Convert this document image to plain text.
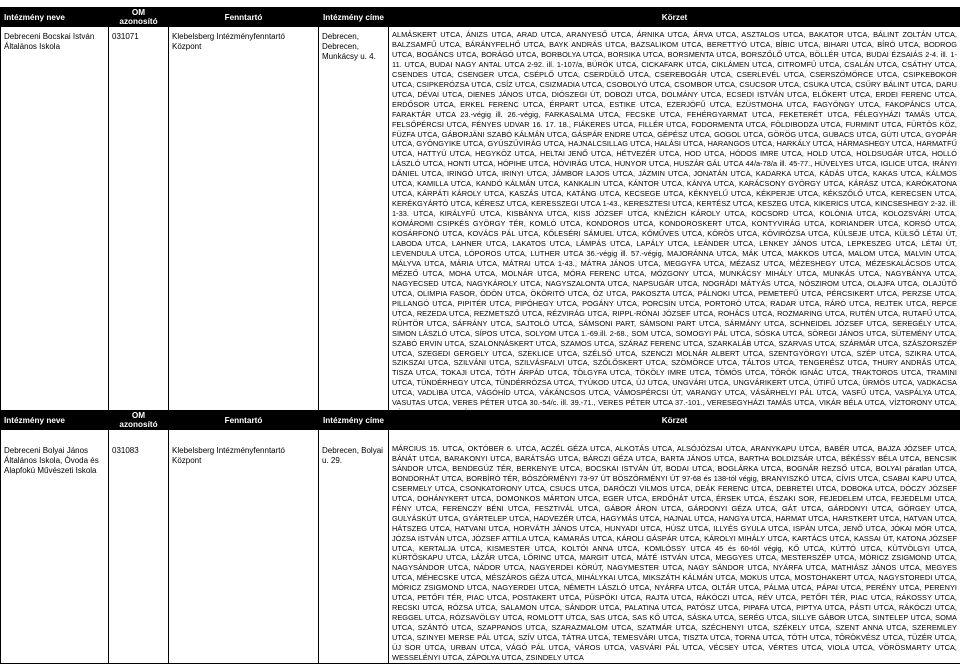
Intézmény neve	OM azonosító	Fenntartó	Intézmény címe	Körzet
Debreceni Bocskai István Általános Iskola	031071	Klebelsberg Intézményfenntartó Központ	Debrecen, Debrecen, Munkácsy u. 4.	ALMÁSKERT UTCA, ÁNIZS UTCA, ARAD UTCA, ARANYESŐ UTCA, ÁRNIKA UTCA, ÁRVA UTCA, ASZTALOS UTCA, BAKATOR UTCA, BÁLINT ZOLTÁN UTCA, BALZSAMFŰ UTCA, BÁRÁNYFELHŐ UTCA, BAYK ANDRÁS UTCA, BAZSALIKOM UTCA, BERETTYÓ UTCA, BÍBIC UTCA, BIHARI UTCA, BÍRÓ UTCA, BODROG UTCA, BOGÁNCS UTCA, BORÁGÓ UTCA, BORBOLYA UTCA, BORSIKA UTCA, BORSMENTA UTCA, BORSZŐLŐ UTCA, BÖLLÉR UTCA, BUDAI ÉZSAIÁS 2-4. ill. 1-11. UTCA, BUDAI NAGY ANTAL UTCA 2-92. ill. 1-107/a, BÜRÖK UTCA, CICKAFARK UTCA, CIKLÁMEN UTCA, CITROMFŰ UTCA, CSALÁN UTCA, CSÁTHY UTCA, CSENDES UTCA, CSENGER UTCA, CSÉPLŐ UTCA, CSERDÜLŐ UTCA, CSEREBOGÁR UTCA, CSERLEVÉL UTCA, CSERSZÖMÖRCE UTCA, CSIPKEBOKOR UTCA, CSIPKERÓZSA UTCA, CSÍZ UTCA, CSIZMADIA UTCA, CSOBOLYÓ UTCA, CSOMBOR UTCA, CSUCSOR UTCA, CSUKA UTCA, CSŰRY BÁLINT UTCA, DARU UTCA, DÉVAI UTCA, DIENES JÁNOS UTCA, DIÓSZEGI ÚT, DOBOZI UTCA, DOLMÁNY UTCA, ECSEDI ISTVÁN UTCA, ELŐKERT UTCA, ERDEI FERENC UTCA, ERDŐSOR UTCA, ERKEL FERENC UTCA, ÉRPART UTCA, ESTIKE UTCA, EZERJÓFŰ UTCA, EZÜSTMOHA UTCA, FAGYÖNGY UTCA, FAKOPÁNCS UTCA, FARAKTÁR UTCA 23.-végig ill. 26.-végig, FARKASALMA UTCA, FECSKE UTCA, FEHÉRGYARMAT UTCA, FEKETERÉT UTCA, FÉLEGYHÁZI TAMÁS UTCA, FELSŐPÉRCSI UTCA, FÉNYES UDVAR 16. 17. 18., FIÁKERES UTCA, FILLÉR UTCA, FODORMENTA UTCA, FÖLDIBODZA UTCA, FURMINT UTCA, FÜRTÖS KÖZ, FÜZFA UTCA, GÁBORJÁNI SZABÓ KÁLMÁN UTCA, GÁSPÁR ENDRE UTCA, GÉPÉSZ UTCA, GOGOL UTCA, GÖRÖG UTCA, GUBACS UTCA, GÚTI UTCA, GYOPÁR UTCA, GYÖNGYIKE UTCA, GYÚSZŰVIRÁG UTCA, HAJNALCSILLAG UTCA, HALÁSI UTCA, HARANGOS UTCA, HARKÁLY UTCA, HÁRMASHEGY UTCA, HARMATFŰ UTCA, HATTYÚ UTCA, HEGYKÖZ UTCA, HELTAI JENŐ UTCA, HÉTVEZÉR UTCA, HOD UTCA, HÓDOS IMRE UTCA, HOLD UTCA, HOLDSUGÁR UTCA, HOLLÓ LÁSZLÓ UTCA, HONTI UTCA, HÓPIHE UTCA, HÓVIRÁG UTCA, HUNYOR UTCA, HUSZÁR GÁL UTCA 44/a-78/a ill. 45-77., HÜVELYES UTCA, IGLICE UTCA, IRÁNYI DÁNIEL UTCA, IRINGÓ UTCA, IRINYI UTCA, JÁMBOR LAJOS UTCA, JÁZMIN UTCA, JONATÁN UTCA, KADARKA UTCA, KÁDÁS UTCA, KAKAS UTCA, KÁLMOS UTCA, KAMILLA UTCA, KANDÓ KÁLMÁN UTCA, KANKALIN UTCA, KÁNTOR UTCA, KÁNYA UTCA, KARÁCSONY GYÖRGY UTCA, KÁRÁSZ UTCA, KARÓKATONA UTCA, KÁRPÁTI KÁROLY UTCA, KASZÁS UTCA, KATÁNG UTCA, KECSEGE UTCA, KÉKNYELŰ UTCA, KÉKPERJE UTCA, KÉKSZŐLŐ UTCA, KERECSEN UTCA, KERÉKGYÁRTÓ UTCA, KÉRESZ UTCA, KERESSZEGI UTCA 1-43., KERESZTESI UTCA, KERTÉSZ UTCA, KESZEG UTCA, KIKERICS UTCA, KINCSESHEGY 2-32. ill. 1-33. UTCA, KIRÁLYFŰ UTCA, KISBÁNYA UTCA, KISS JÓZSEF UTCA, KNÉZICH KÁROLY UTCA, KOCSORD UTCA, KOLÓNIA UTCA, KOLOZSVÁRI UTCA, KOMÁROMI CSIPKÉS GYÖRGY TÉR, KOMLÓ UTCA, KONDOROS UTCA, KONDOROSKERT UTCA, KONTYVIRÁG UTCA, KORIANDER UTCA, KORSÓ UTCA, KOSÁRFONÓ UTCA, KOVÁCS PÁL UTCA, KŐLESÉRI SÁMUEL UTCA, KŐMŰVES UTCA, KÖRÖS UTCA, KÖVIRÓZSA UTCA, KÜLSEJE UTCA, KÜLSŐ LÉTAI ÚT, LABODA UTCA, LAHNER UTCA, LAKATOS UTCA, LÁMPÁS UTCA, LAPÁLY UTCA, LEÁNDER UTCA, LENKEY JÁNOS UTCA, LEPKESZEG UTCA, LÉTAI ÚT, LEVENDULA UTCA, LÓPOROS UTCA, LUTHER UTCA 36.-végig ill. 57.-végig, MAJORÁNNA UTCA, MÁK UTCA, MAKKOS UTCA, MALOM UTCA, MALVIN UTCA, MÁLYVA UTCA, MÁRIA UTCA, MÁTRAI UTCA 1-43., MÁTRA JÁNOS UTCA, MEGGYFA UTCA, MÉZASZ UTCA, MÉZESHEGY UTCA, MÉZESKALÁCSOS UTCA, MÉZEŐ UTCA, MOHA UTCA, MOLNÁR UTCA, MÓRA FERENC UTCA, MÓZGONY UTCA, MUNKÁCSY MIHÁLY UTCA, MUNKÁS UTCA, NAGYBÁNYA UTCA, NAGYECSED UTCA, NAGYKÁROLY UTCA, NAGYSZALONTA UTCA, NAPSUGÁR UTCA, NOGRÁDI MÁTYÁS UTCA, NÓSZIROM UTCA, OLAJFA UTCA, OLAJÜTŐ UTCA, OLIMPIA FASOR, ÖDÖN UTCA, ÖKÖRITÓ UTCA, ÓZ UTCA, PAKOSZTA UTCA, PÁLNOKI UTCA, PEMETEFŰ UTCA, PÉRCSIKERT UTCA, PERZSE UTCA, PILLANGÓ UTCA, PIPITÉR UTCA, PIPÓHEGY UTCA, POGÁNY UTCA, PORCSIN UTCA, PORTORÓ UTCA, RADAR UTCA, RÁRÓ UTCA, REJTEK UTCA, REPCE UTCA, REZEDA UTCA, REZMETSZŐ UTCA, RÉZVIRÁG UTCA, RIPPL-RÓNAI JÓZSEF UTCA, ROHÁCS UTCA, ROZMARING UTCA, RUTÉN UTCA, RUTAFŰ UTCA, RÜHTÖR UTCA, SÁFRÁNY UTCA, SAJTOLÓ UTCA, SÁMSONI PART, SÁMSONI PART UTCA, SÁRMÁNY UTCA, SCHNEIDEL JÓZSEF UTCA, SEREGÉLY UTCA, SIMON LÁSZLÓ UTCA, SÍPOS UTCA, SOLYOM UTCA 1.-69.ill. 2-68., SOM UTCA, SOMOGYI PÁL UTCA, SÓSKA UTCA, SÖREGI JÁNOS UTCA, SÜTEMÉNY UTCA, SZABÓ ERVIN UTCA, SZALONNÁSKERT UTCA, SZAMOS UTCA, SZÁRAZ FERENC UTCA, SZARKALÁB UTCA, SZARVAS UTCA, SZÁRMÁR UTCA, SZÁSZORSZÉP UTCA, SZEGEDI GERGELY UTCA, SZEKLICE UTCA, SZÉLSŐ UTCA, SZENCZI MOLNÁR ALBERT UTCA, SZENTGYÖRGYI UTCA, SZÉP UTCA, SZIKRA UTCA, SZIKSZAI UTCA, SZILVÁNI UTCA, SZILVÁSFALVI UTCA, SZŐLŐSKERT UTCA, SZÖMÖRCE UTCA, TÁLTOS UTCA, TENGERÉSZ UTCA, THURY ANDRÁS UTCA, TISZA UTCA, TOKAJI UTCA, TÓTH ÁRPÁD UTCA, TÖLGYFA UTCA, TÖKÖLY IMRE UTCA, TÖMÖS UTCA, TÖRÖK IGNÁC UTCA, TRAKTOROS UTCA, TRAMINI UTCA, TÜNDÉRHEGY UTCA, TÜNDÉRRÓZSA UTCA, TYÚKOD UTCA, ÚJ UTCA, UNGVÁRI UTCA, UNGVÁRIKERT UTCA, ÚTIFŰ UTCA, ÜRMÖS UTCA, VADKACSA UTCA, VADLIBA UTCA, VÁGÓHÍD UTCA, VÁKÁNCSOS UTCA, VÁMOSPÉRCSI ÚT, VARANGY UTCA, VÁSÁRHELYI PÁL UTCA, VASFŰ UTCA, VASPÁLYA UTCA, VASUTAS UTCA, VERES PÉTER UTCA 30.-54/c. ill. 39.-71., VERES PÉTER UTCA 37.-101., VERESEGYHÁZI TAMÁS UTCA, VIKÁR BÉLA UTCA, VÍZTORONY UTCA,
Intézmény neve	OM azonosító	Fenntartó	Intézmény címe	Körzet
Debreceni Bolyai János Általános Iskola, Óvoda és Alapfokú Művészeti Iskola	031083	Klebelsberg Intézményfenntartó Központ	Debrecen, Bolyai u. 29.	MÁRCIUS 15. UTCA, OKTÓBER 6. UTCA, ACZÉL GÉZA UTCA, ALKOTÁS UTCA, ALSÓJÓZSAI UTCA, ARANYKAPU UTCA, BABÉR UTCA, BAJZA JÓZSEF UTCA, BÁNÁT UTCA, BARAKONYI UTCA, BARÁTSÁG UTCA, BÁRCZI GÉZA UTCA, BARTA JÁNOS UTCA, BARTHA BOLDIZSÁR UTCA, BÉKÉSSY BÉLA UTCA, BENCSIK SÁNDOR UTCA, BENDEGÚZ TÉR, BERKENYE UTCA, BOCSKAI ISTVÁN ÚT, BODAI UTCA, BOGLÁRKA UTCA, BOGNÁR REZSŐ UTCA, BOLYAI páratlan UTCA, BONDORHÁT UTCA, BORBÍRÓ TÉR, BÖSZÖRMÉNYI 73-97 ÚT BÖSZÖRMÉNYI ÚT 97-68 és 138-tól végig, BRANYISZKÓ UTCA, CÍVIS UTCA, CSABAI KAPU UTCA, CSERMELY UTCA, CSONKATORONY UTCA, CSUCS UTCA, DARÓCZI VILMOS UTCA, DEÁK FERENC UTCA, DEBRETEI UTCA, DOBOKA UTCA, DÓCZY JÓZSEF UTCA, DOHÁNYKERT UTCA, DOMONKOS MÁRTON UTCA, EGER UTCA, ERDŐHÁT UTCA, ÉRSEK UTCA, ÉSZAKI SOR, FEJEDELEM UTCA, FEJEDELMI UTCA, FÉNY UTCA, FERENCZY BÉNI UTCA, FESZTIVÁL UTCA, GÁBOR ÁRON UTCA, GÁRDONYI GÉZA UTCA, GÁT UTCA, GÁRDONYI UTCA, GÖRGEY UTCA, GULYÁSKÚT UTCA, GYÁRTELEP UTCA, HADVEZÉR UTCA, HAGYMÁS UTCA, HAJNAL UTCA, HANGYA UTCA, HARMAT UTCA, HARSTKERT UTCA, HATVAN UTCA, HÁTSZEG UTCA, HATVANI UTCA, HORVÁTH JÁNOS UTCA, HUNYADI UTCA, HÚSZ UTCA, ILLYÉS GYULA UTCA, ISPÁN UTCA, JENŐ UTCA, JÓKAI MÓR UTCA, JÓZSA ISTVÁN UTCA, JÓZSEF ATTILA UTCA, KAMARÁS UTCA, KÁROLI GÁSPÁR UTCA, KÁROLYI MIHÁLY UTCA, KARTÁCS UTCA, KASSAI ÚT, KATONA JÓZSEF UTCA, KERTALJA UTCA, KISMESTER UTCA, KOLTÓI ANNA UTCA, KOMLÓSSY UTCA 45 és 60-tól végig, KŐ UTCA, KÚTTÓ UTCA, KÜTVÖLGYI UTCA, KÜRTŐSKAPU UTCA, LÁZÁR UTCA, LŐRINC UTCA, MARGIT UTCA, MÁTÉ ISTVÁN UTCA, MEGGYES UTCA, MESTERSZÉP UTCA, MÓRICZ ZSIGMOND UTCA, NAGYSÁNDOR UTCA, NÁDOR UTCA, NAGYERDEI KÖRÚT, NAGYMESTER UTCA, NAGY SÁNDOR UTCA, NYÁRFA UTCA, MATHIÁSZ JÁNOS UTCA, MEGYES UTCA, MÉHECSKE UTCA, MÉSZÁROS GÉZA UTCA, MIHÁLYKAI UTCA, MIKSZÁTH KÁLMÁN UTCA, MOKUS UTCA, MOSTOHAKERT UTCA, NAGYSTOREDI UTCA, MÓRICZ ZSIGMOND UTCA, NAGYERDEI UTCA, NÉMETH LÁSZLÓ UTCA, NYÁRFA UTCA, OLTÁR UTCA, PÁLMA UTCA, PÁPAI UTCA, PERÉNY UTCA, PERENYI UTCA, PETŐFI TÉR, PIAC UTCA, POSTAKERT UTCA, PÜSPÖKI UTCA, RAJTA UTCA, RÁKÓCZI UTCA, RÉV UTCA, PETŐFI TÉR, PIAC UTCA, RÁKOSSY UTCA, RECSKI UTCA, RÓZSA UTCA, SALAMON UTCA, SÁNDOR UTCA, PALATINA UTCA, PATÓSZ UTCA, PIPAFA UTCA, PIPTYA UTCA, PÁSTI UTCA, RÁKÓCZI UTCA, REGGEL UTCA, RÓZSAVÖLGY UTCA, ROMLOTT UTCA, SAS UTCA, SAS KŐ UTCA, SÁSKA UTCA, SERÉG UTCA, SILLYE GÁBOR UTCA, SINTELEP UTCA, SOMA UTCA, SZÁNTÓ UTCA, SZAPPANOS UTCA, SZARAZMALOM UTCA, SZATMÁR UTCA, SZÉCHENYI UTCA, SZÉKELY UTCA, SZENT ANNA UTCA, SZEREMLEY UTCA, SZINYEI MERSE PÁL UTCA, SZÍV UTCA, TÁTRA UTCA, TEMESVÁRI UTCA, TISZTA UTCA, TORNA UTCA, TÓTH UTCA, TÖRÖKVÉSZ UTCA, TÜZÉR UTCA, ÚJ SOR UTCA, URBAN UTCA, VÁGÓ PÁL UTCA, VÁROS UTCA, VASVÁRI PÁL UTCA, VÉCSEY UTCA, VÉRTES UTCA, VIOLA UTCA, VÖRÖSMARTY UTCA, WESSELÉNYI UTCA, ZÁPOLYA UTCA, ZSINDELY UTCA
